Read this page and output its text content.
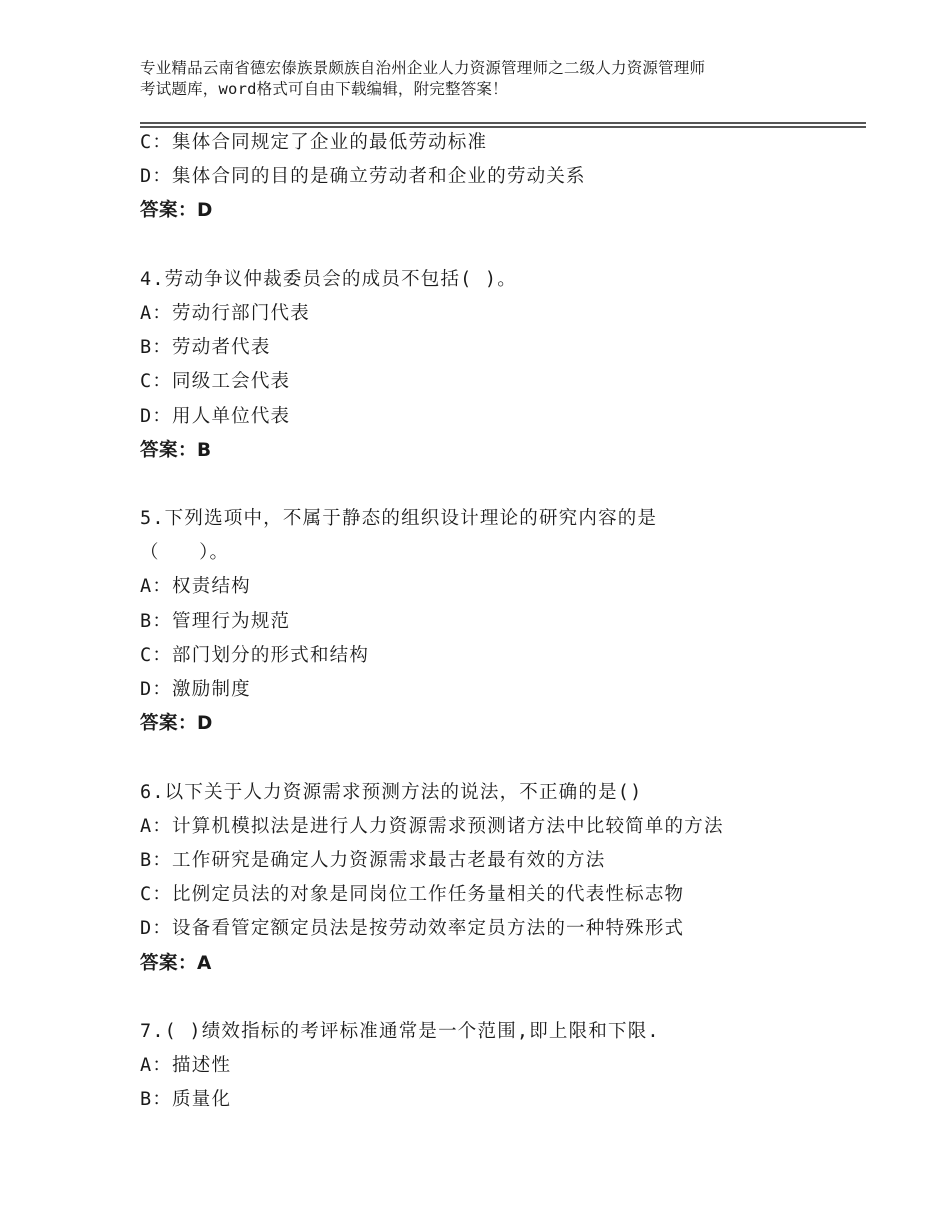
专业精品云南省德宏傣族景颇族自治州企业人力资源管理师之二级人力资源管理师
考试题库，word格式可自由下载编辑，附完整答案！
C：集体合同规定了企业的最低劳动标准
D：集体合同的目的是确立劳动者和企业的劳动关系
答案：D
4.劳动争议仲裁委员会的成员不包括( )。
A：劳动行部门代表
B：劳动者代表
C：同级工会代表
D：用人单位代表
答案：B
5.下列选项中，不属于静态的组织设计理论的研究内容的是
（　　）。
A：权责结构
B：管理行为规范
C：部门划分的形式和结构
D：激励制度
答案：D
6.以下关于人力资源需求预测方法的说法，不正确的是()
A：计算机模拟法是进行人力资源需求预测诸方法中比较简单的方法
B：工作研究是确定人力资源需求最古老最有效的方法
C：比例定员法的对象是同岗位工作任务量相关的代表性标志物
D：设备看管定额定员法是按劳动效率定员方法的一种特殊形式
答案：A
7.( )绩效指标的考评标准通常是一个范围,即上限和下限.
A：描述性
B：质量化
